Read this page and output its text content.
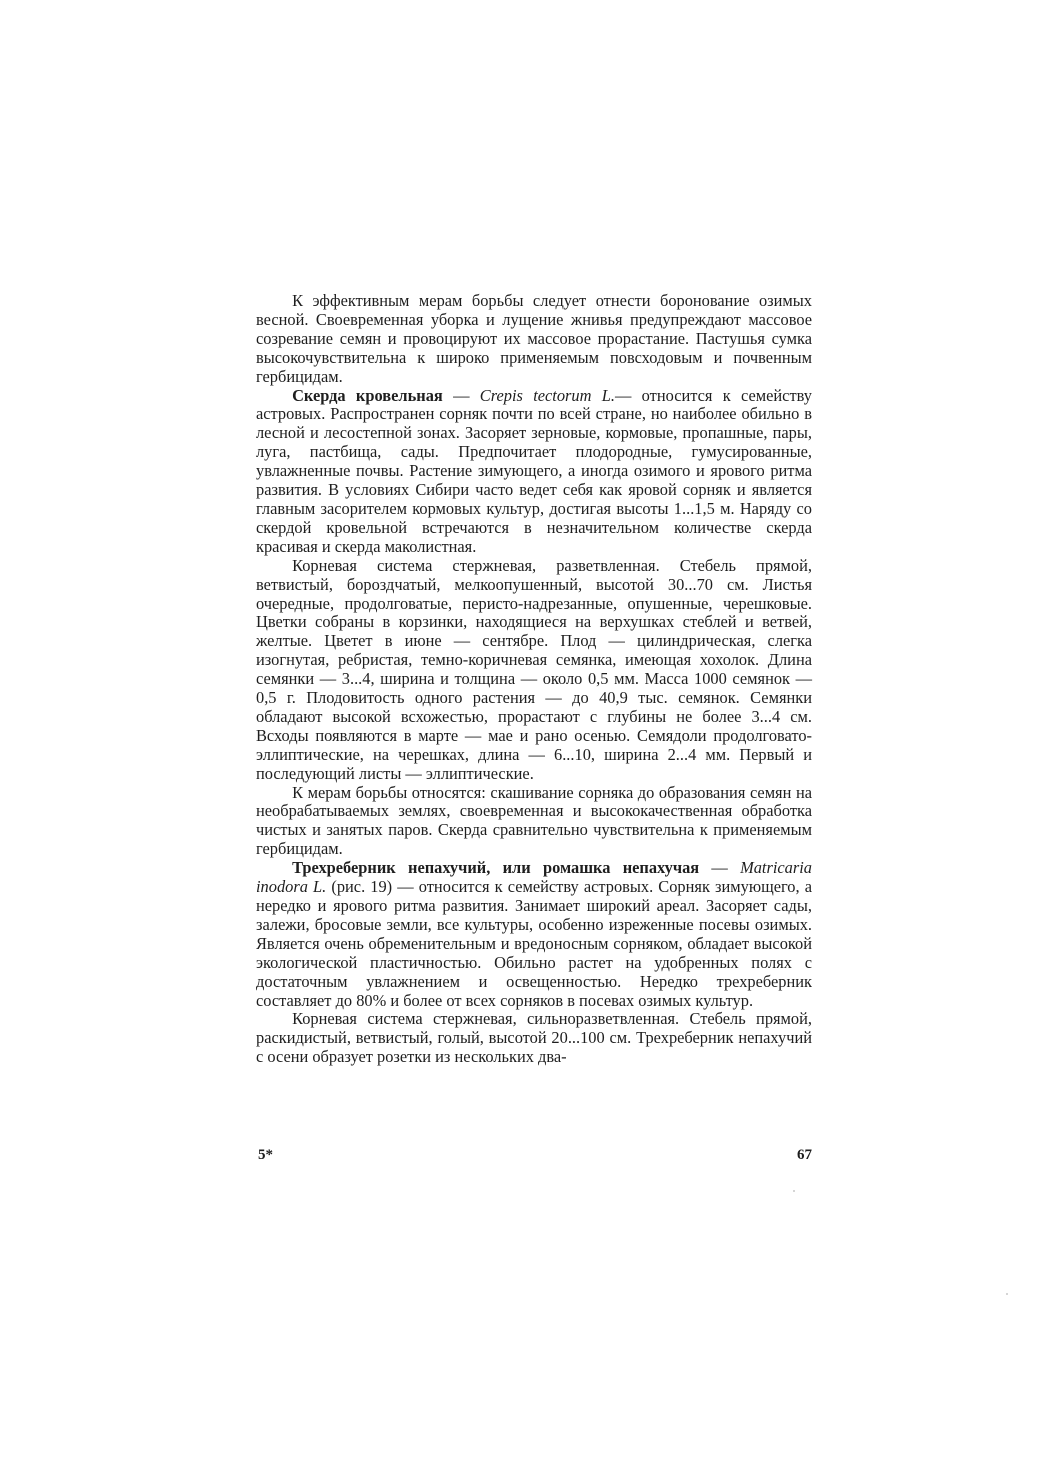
К эффективным мерам борьбы следует отнести боронование озимых весной. Своевременная уборка и лущение жнивья предупреждают массовое созревание семян и провоцируют их массовое прорастание. Пастушья сумка высокочувствительна к широко применяемым повсходовым и почвенным гербицидам.

Скерда кровельная — Crepis tectorum L.— относится к семейству астровых. Распространен сорняк почти по всей стране, но наиболее обильно в лесной и лесостепной зонах. Засоряет зерновые, кормовые, пропашные, пары, луга, пастбища, сады. Предпочитает плодородные, гумусированные, увлажненные почвы. Растение зимующего, а иногда озимого и ярового ритма развития. В условиях Сибири часто ведет себя как яровой сорняк и является главным засорителем кормовых культур, достигая высоты 1...1,5 м. Наряду со скердой кровельной встречаются в незначительном количестве скерда красивая и скерда маколистная.

Корневая система стержневая, разветвленная. Стебель прямой, ветвистый, бороздчатый, мелкоопушенный, высотой 30...70 см. Листья очередные, продолговатые, перисто-надрезанные, опушенные, черешковые. Цветки собраны в корзинки, находящиеся на верхушках стеблей и ветвей, желтые. Цветет в июне — сентябре. Плод — цилиндрическая, слегка изогнутая, ребристая, темно-коричневая семянка, имеющая хохолок. Длина семянки — 3...4, ширина и толщина — около 0,5 мм. Масса 1000 семянок — 0,5 г. Плодовитость одного растения — до 40,9 тыс. семянок. Семянки обладают высокой всхожестью, прорастают с глубины не более 3...4 см. Всходы появляются в марте — мае и рано осенью. Семядоли продолговато-эллиптические, на черешках, длина — 6...10, ширина 2...4 мм. Первый и последующий листы — эллиптические.

К мерам борьбы относятся: скашивание сорняка до образования семян на необрабатываемых землях, своевременная и высококачественная обработка чистых и занятых паров. Скерда сравнительно чувствительна к применяемым гербицидам.

Трехреберник непахучий, или ромашка непахучая — Matricaria inodora L. (рис. 19) — относится к семейству астровых. Сорняк зимующего, а нередко и ярового ритма развития. Занимает широкий ареал. Засоряет сады, залежи, бросовые земли, все культуры, особенно изреженные посевы озимых. Является очень обременительным и вредоносным сорняком, обладает высокой экологической пластичностью. Обильно растет на удобренных полях с достаточным увлажнением и освещенностью. Нередко трехреберник составляет до 80% и более от всех сорняков в посевах озимых культур.

Корневая система стержневая, сильноразветвленная. Стебель прямой, раскидистый, ветвистый, голый, высотой 20...100 см. Трехреберник непахучий с осени образует розетки из нескольких два-

5*	67
